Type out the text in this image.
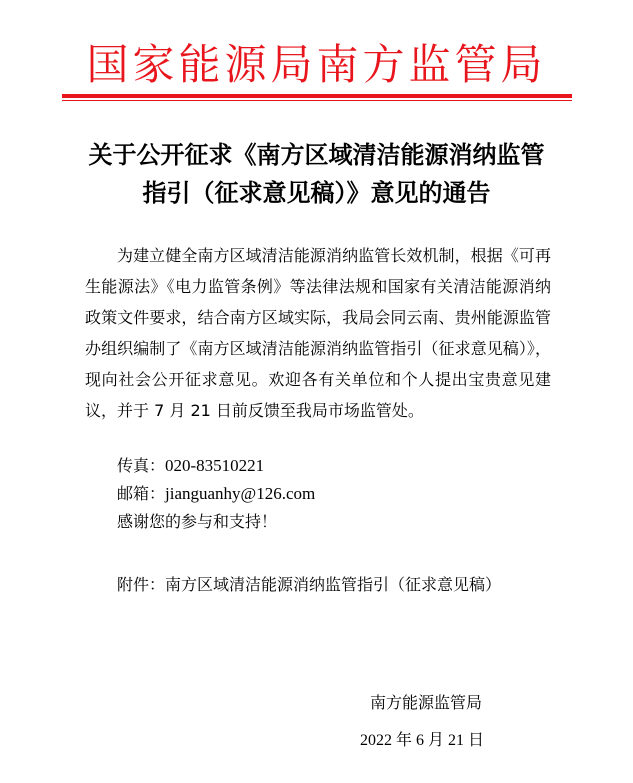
国家能源局南方监管局
关于公开征求《南方区域清洁能源消纳监管
指引（征求意见稿）》意见的通告

为建立健全南方区域清洁能源消纳监管长效机制，根据《可再生能源法》《电力监管条例》等法律法规和国家有关清洁能源消纳政策文件要求，结合南方区域实际，我局会同云南、贵州能源监管办组织编制了《南方区域清洁能源消纳监管指引（征求意见稿）》，现向社会公开征求意见。欢迎各有关单位和个人提出宝贵意见建议，并于 7 月 21 日前反馈至我局市场监管处。

传真：020-83510221
邮箱：jianguanhy@126.com
感谢您的参与和支持！
附件：南方区域清洁能源消纳监管指引（征求意见稿）
南方能源监管局
2022 年 6 月 21 日
